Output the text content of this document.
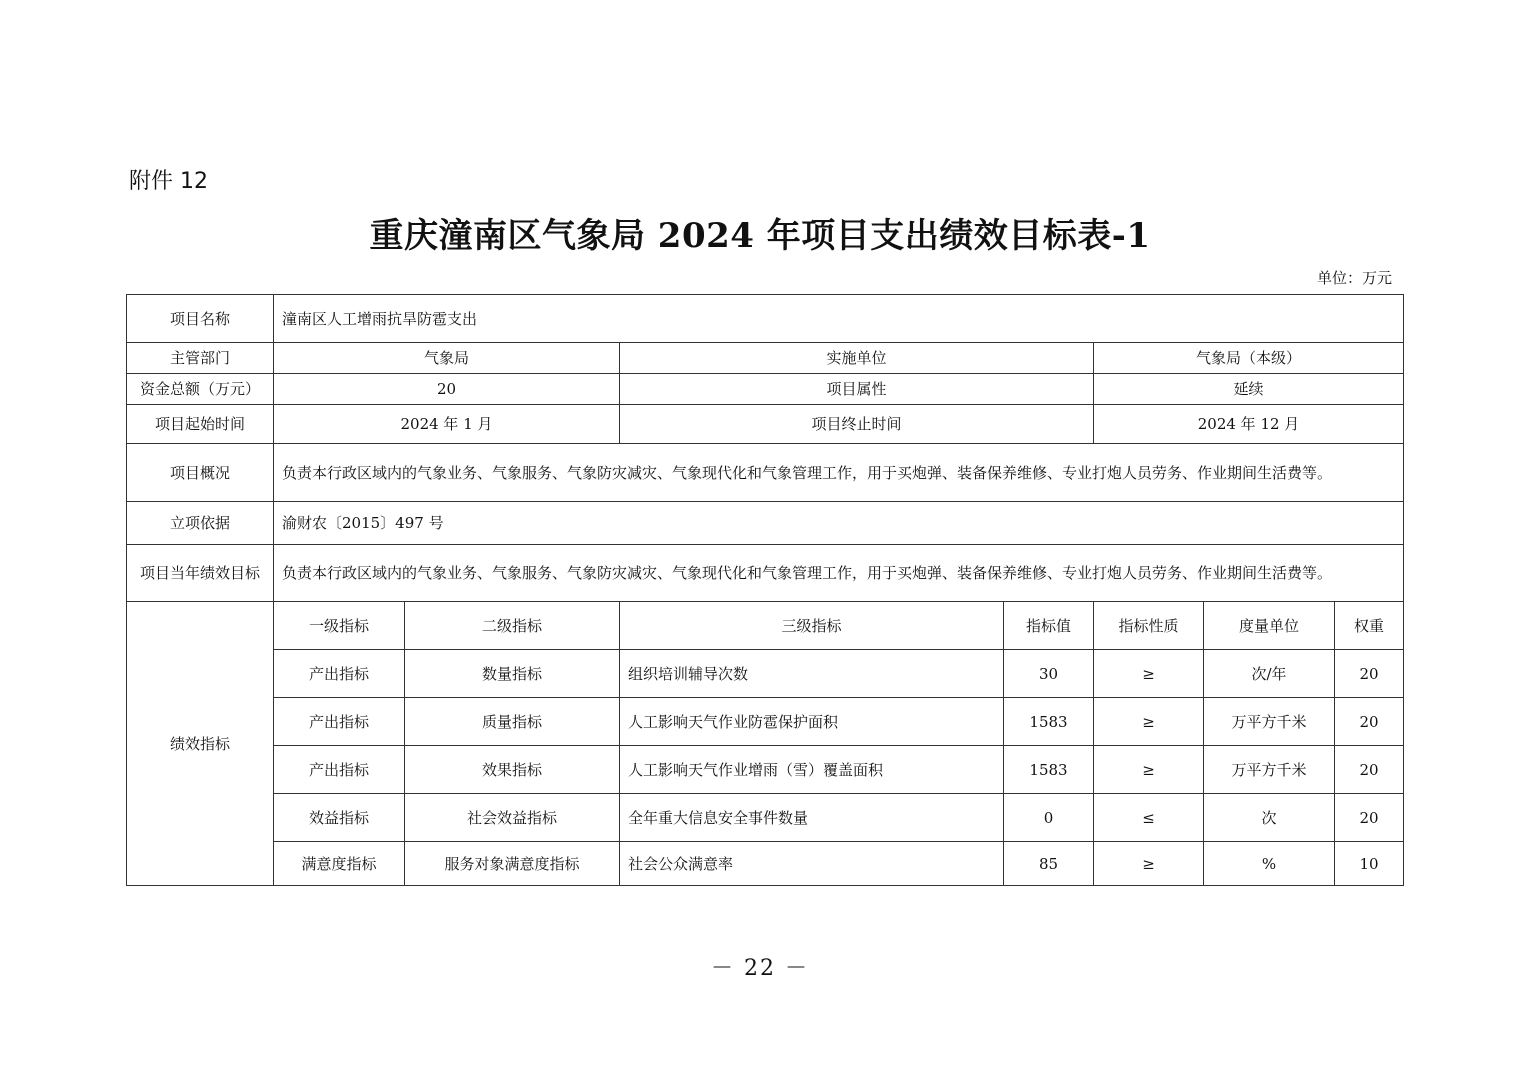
附件 12
重庆潼南区气象局 2024 年项目支出绩效目标表-1
单位：万元
项目名称	潼南区人工增雨抗旱防雹支出						
主管部门	气象局		实施单位		气象局（本级）		
资金总额（万元）	20		项目属性		延续		
项目起始时间	2024 年 1 月		项目终止时间		2024 年 12 月		
项目概况	负责本行政区域内的气象业务、气象服务、气象防灾减灾、气象现代化和气象管理工作，用于买炮弹、装备保养维修、专业打炮人员劳务、作业期间生活费等。						
立项依据	渝财农〔2015〕497 号						
项目当年绩效目标	负责本行政区域内的气象业务、气象服务、气象防灾减灾、气象现代化和气象管理工作，用于买炮弹、装备保养维修、专业打炮人员劳务、作业期间生活费等。						
绩效指标	一级指标	二级指标	三级指标	指标值	指标性质	度量单位	权重
	产出指标	数量指标	组织培训辅导次数	30	≥	次/年	20
	产出指标	质量指标	人工影响天气作业防雹保护面积	1583	≥	万平方千米	20
	产出指标	效果指标	人工影响天气作业增雨（雪）覆盖面积	1583	≥	万平方千米	20
	效益指标	社会效益指标	全年重大信息安全事件数量	0	≤	次	20
	满意度指标	服务对象满意度指标	社会公众满意率	85	≥	%	10
－ 22 －
